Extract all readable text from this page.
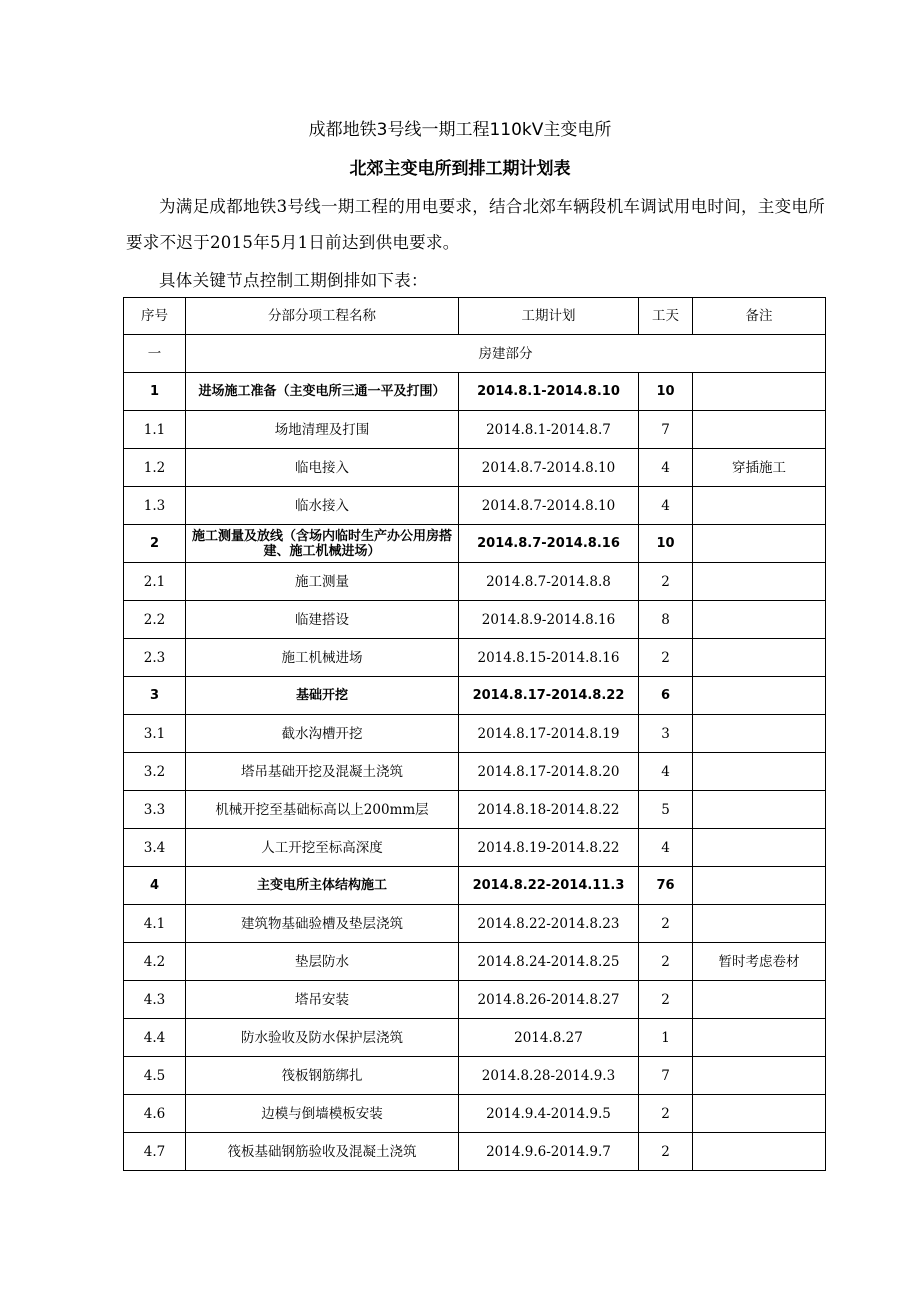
成都地铁3号线一期工程110kV主变电所
北郊主变电所到排工期计划表
为满足成都地铁3号线一期工程的用电要求，结合北郊车辆段机车调试用电时间，主变电所要求不迟于2015年5月1日前达到供电要求。
具体关键节点控制工期倒排如下表：
序号	分部分项工程名称	工期计划	工天	备注
一	房建部分			
1	进场施工准备（主变电所三通一平及打围）	2014.8.1-2014.8.10	10	
1.1	场地清理及打围	2014.8.1-2014.8.7	7	
1.2	临电接入	2014.8.7-2014.8.10	4	穿插施工
1.3	临水接入	2014.8.7-2014.8.10	4	
2	施工测量及放线（含场内临时生产办公用房搭建、施工机械进场）	2014.8.7-2014.8.16	10	
2.1	施工测量	2014.8.7-2014.8.8	2	
2.2	临建搭设	2014.8.9-2014.8.16	8	
2.3	施工机械进场	2014.8.15-2014.8.16	2	
3	基础开挖	2014.8.17-2014.8.22	6	
3.1	截水沟槽开挖	2014.8.17-2014.8.19	3	
3.2	塔吊基础开挖及混凝土浇筑	2014.8.17-2014.8.20	4	
3.3	机械开挖至基础标高以上200mm层	2014.8.18-2014.8.22	5	
3.4	人工开挖至标高深度	2014.8.19-2014.8.22	4	
4	主变电所主体结构施工	2014.8.22-2014.11.3	76	
4.1	建筑物基础验槽及垫层浇筑	2014.8.22-2014.8.23	2	
4.2	垫层防水	2014.8.24-2014.8.25	2	暂时考虑卷材
4.3	塔吊安装	2014.8.26-2014.8.27	2	
4.4	防水验收及防水保护层浇筑	2014.8.27	1	
4.5	筏板钢筋绑扎	2014.8.28-2014.9.3	7	
4.6	边模与倒墙模板安装	2014.9.4-2014.9.5	2	
4.7	筏板基础钢筋验收及混凝土浇筑	2014.9.6-2014.9.7	2	
